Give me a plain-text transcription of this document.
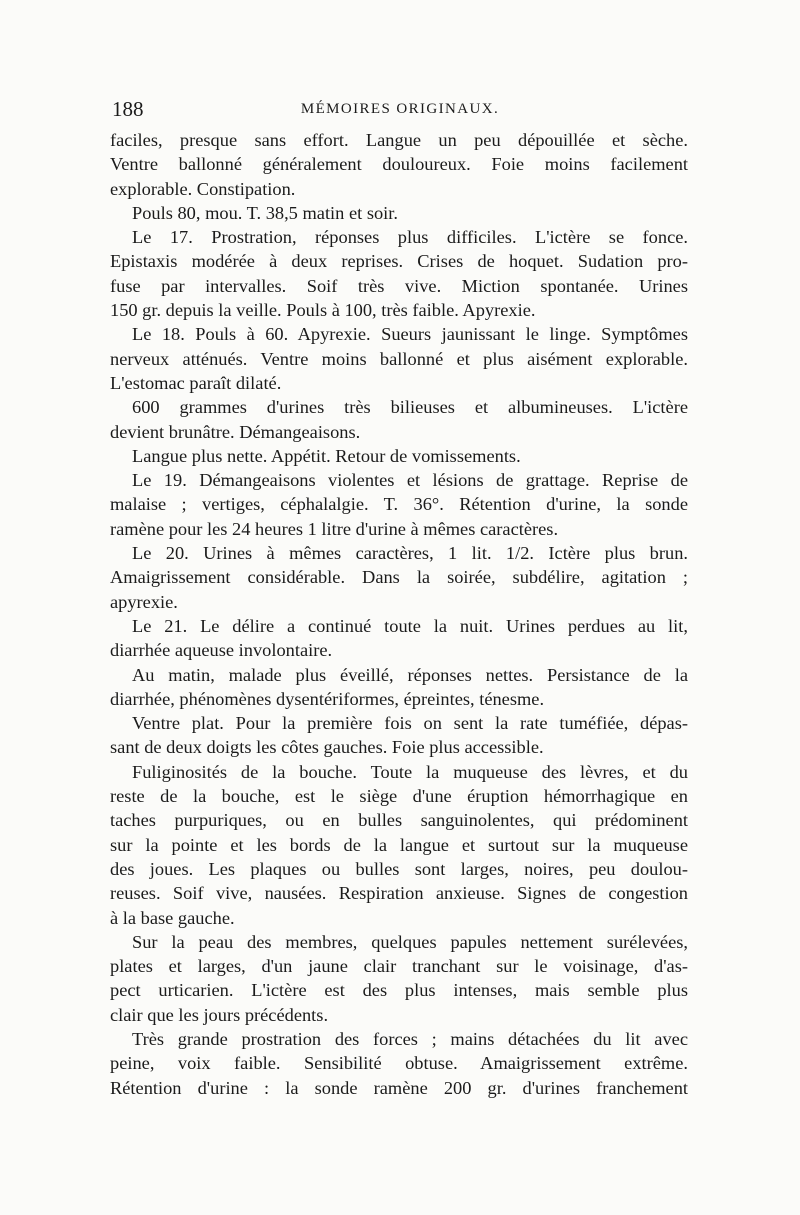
188	MÉMOIRES ORIGINAUX.
faciles, presque sans effort. Langue un peu dépouillée et sèche.
Ventre ballonné généralement douloureux. Foie moins facilement
explorable. Constipation.
Pouls 80, mou. T. 38,5 matin et soir.
Le 17. Prostration, réponses plus difficiles. L'ictère se fonce.
Epistaxis modérée à deux reprises. Crises de hoquet. Sudation pro-
fuse par intervalles. Soif très vive. Miction spontanée. Urines
150 gr. depuis la veille. Pouls à 100, très faible. Apyrexie.
Le 18. Pouls à 60. Apyrexie. Sueurs jaunissant le linge. Symptômes
nerveux atténués. Ventre moins ballonné et plus aisément explorable.
L'estomac paraît dilaté.
600 grammes d'urines très bilieuses et albumineuses. L'ictère
devient brunâtre. Démangeaisons.
Langue plus nette. Appétit. Retour de vomissements.
Le 19. Démangeaisons violentes et lésions de grattage. Reprise de
malaise ; vertiges, céphalalgie. T. 36°. Rétention d'urine, la sonde
ramène pour les 24 heures 1 litre d'urine à mêmes caractères.
Le 20. Urines à mêmes caractères, 1 lit. 1/2. Ictère plus brun.
Amaigrissement considérable. Dans la soirée, subdélire, agitation ;
apyrexie.
Le 21. Le délire a continué toute la nuit. Urines perdues au lit,
diarrhée aqueuse involontaire.
Au matin, malade plus éveillé, réponses nettes. Persistance de la
diarrhée, phénomènes dysentériformes, épreintes, ténesme.
Ventre plat. Pour la première fois on sent la rate tuméfiée, dépas-
sant de deux doigts les côtes gauches. Foie plus accessible.
Fuliginosités de la bouche. Toute la muqueuse des lèvres, et du
reste de la bouche, est le siège d'une éruption hémorrhagique en
taches purpuriques, ou en bulles sanguinolentes, qui prédominent
sur la pointe et les bords de la langue et surtout sur la muqueuse
des joues. Les plaques ou bulles sont larges, noires, peu doulou-
reuses. Soif vive, nausées. Respiration anxieuse. Signes de congestion
à la base gauche.
Sur la peau des membres, quelques papules nettement surélevées,
plates et larges, d'un jaune clair tranchant sur le voisinage, d'as-
pect urticarien. L'ictère est des plus intenses, mais semble plus
clair que les jours précédents.
Très grande prostration des forces ; mains détachées du lit avec
peine, voix faible. Sensibilité obtuse. Amaigrissement extrême.
Rétention d'urine : la sonde ramène 200 gr. d'urines franchement
